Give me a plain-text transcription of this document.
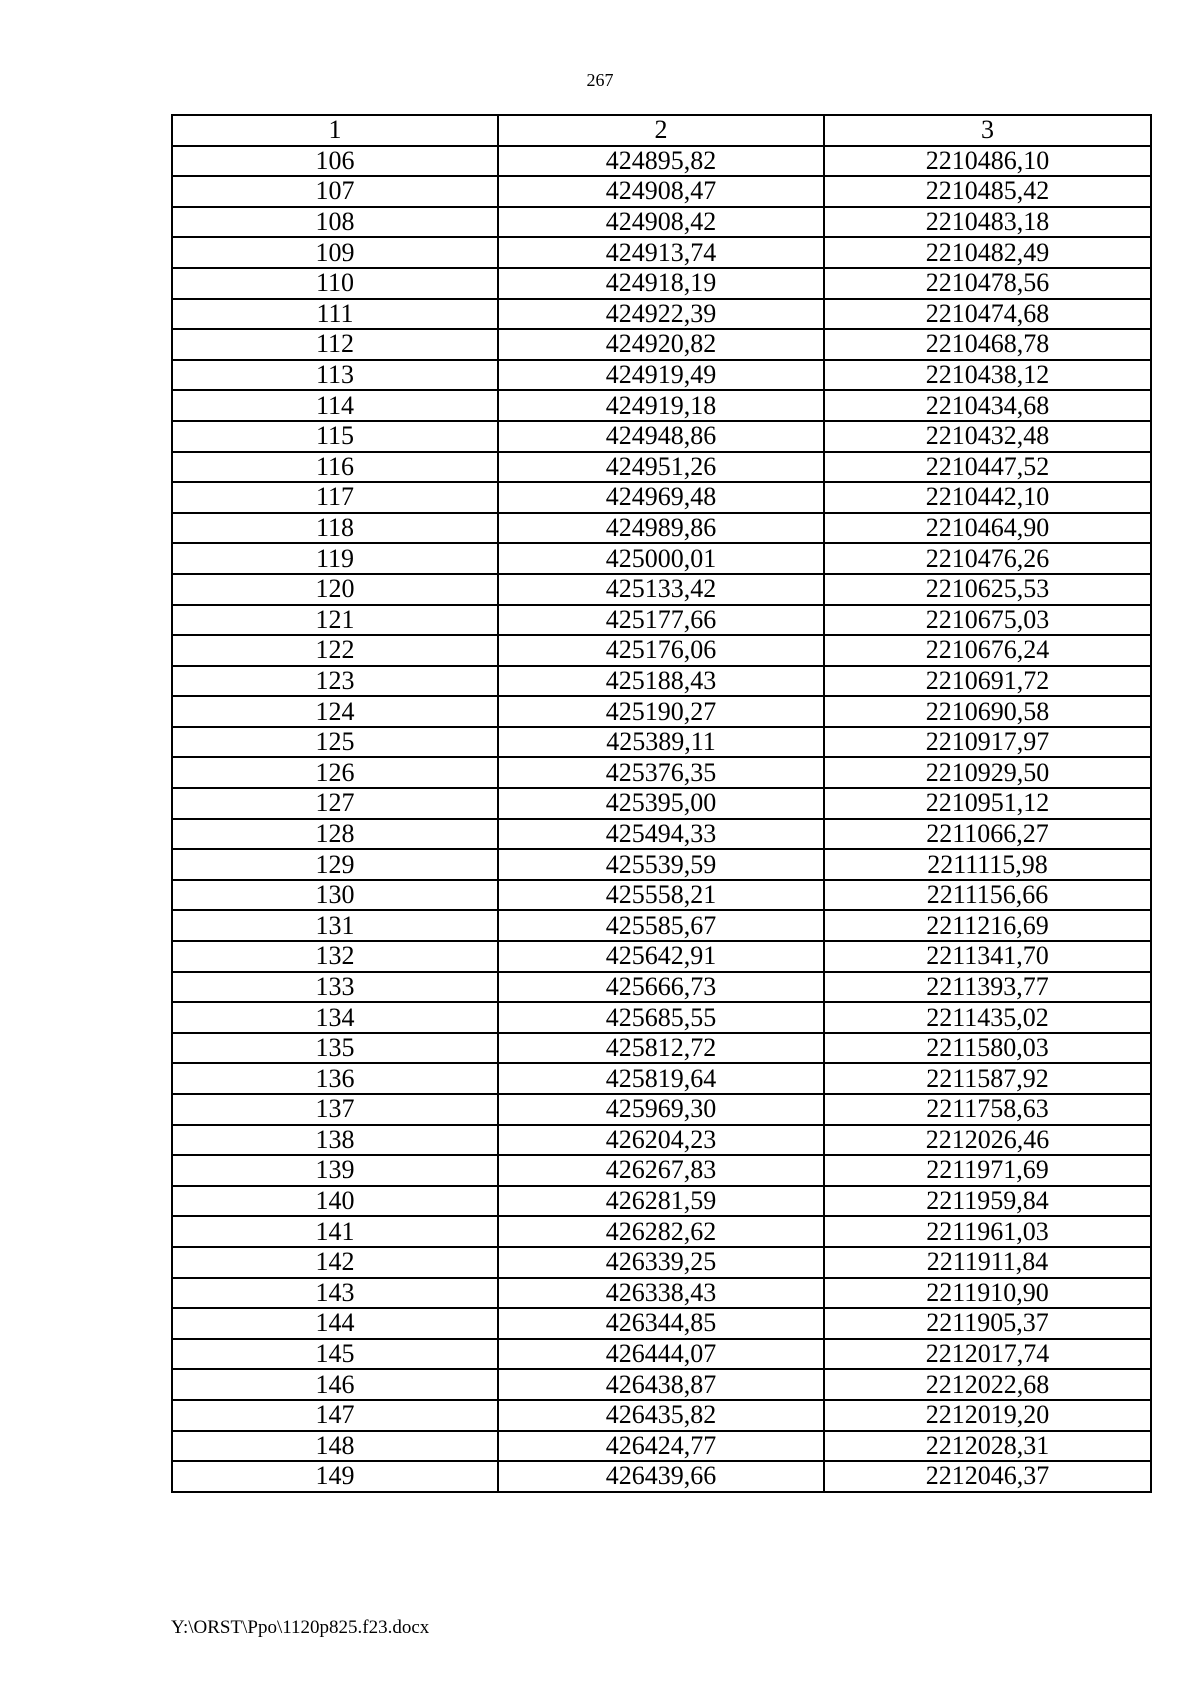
267
1	2	3
106	424895,82	2210486,10
107	424908,47	2210485,42
108	424908,42	2210483,18
109	424913,74	2210482,49
110	424918,19	2210478,56
111	424922,39	2210474,68
112	424920,82	2210468,78
113	424919,49	2210438,12
114	424919,18	2210434,68
115	424948,86	2210432,48
116	424951,26	2210447,52
117	424969,48	2210442,10
118	424989,86	2210464,90
119	425000,01	2210476,26
120	425133,42	2210625,53
121	425177,66	2210675,03
122	425176,06	2210676,24
123	425188,43	2210691,72
124	425190,27	2210690,58
125	425389,11	2210917,97
126	425376,35	2210929,50
127	425395,00	2210951,12
128	425494,33	2211066,27
129	425539,59	2211115,98
130	425558,21	2211156,66
131	425585,67	2211216,69
132	425642,91	2211341,70
133	425666,73	2211393,77
134	425685,55	2211435,02
135	425812,72	2211580,03
136	425819,64	2211587,92
137	425969,30	2211758,63
138	426204,23	2212026,46
139	426267,83	2211971,69
140	426281,59	2211959,84
141	426282,62	2211961,03
142	426339,25	2211911,84
143	426338,43	2211910,90
144	426344,85	2211905,37
145	426444,07	2212017,74
146	426438,87	2212022,68
147	426435,82	2212019,20
148	426424,77	2212028,31
149	426439,66	2212046,37
Y:\ORST\Ppo\1120p825.f23.docx
